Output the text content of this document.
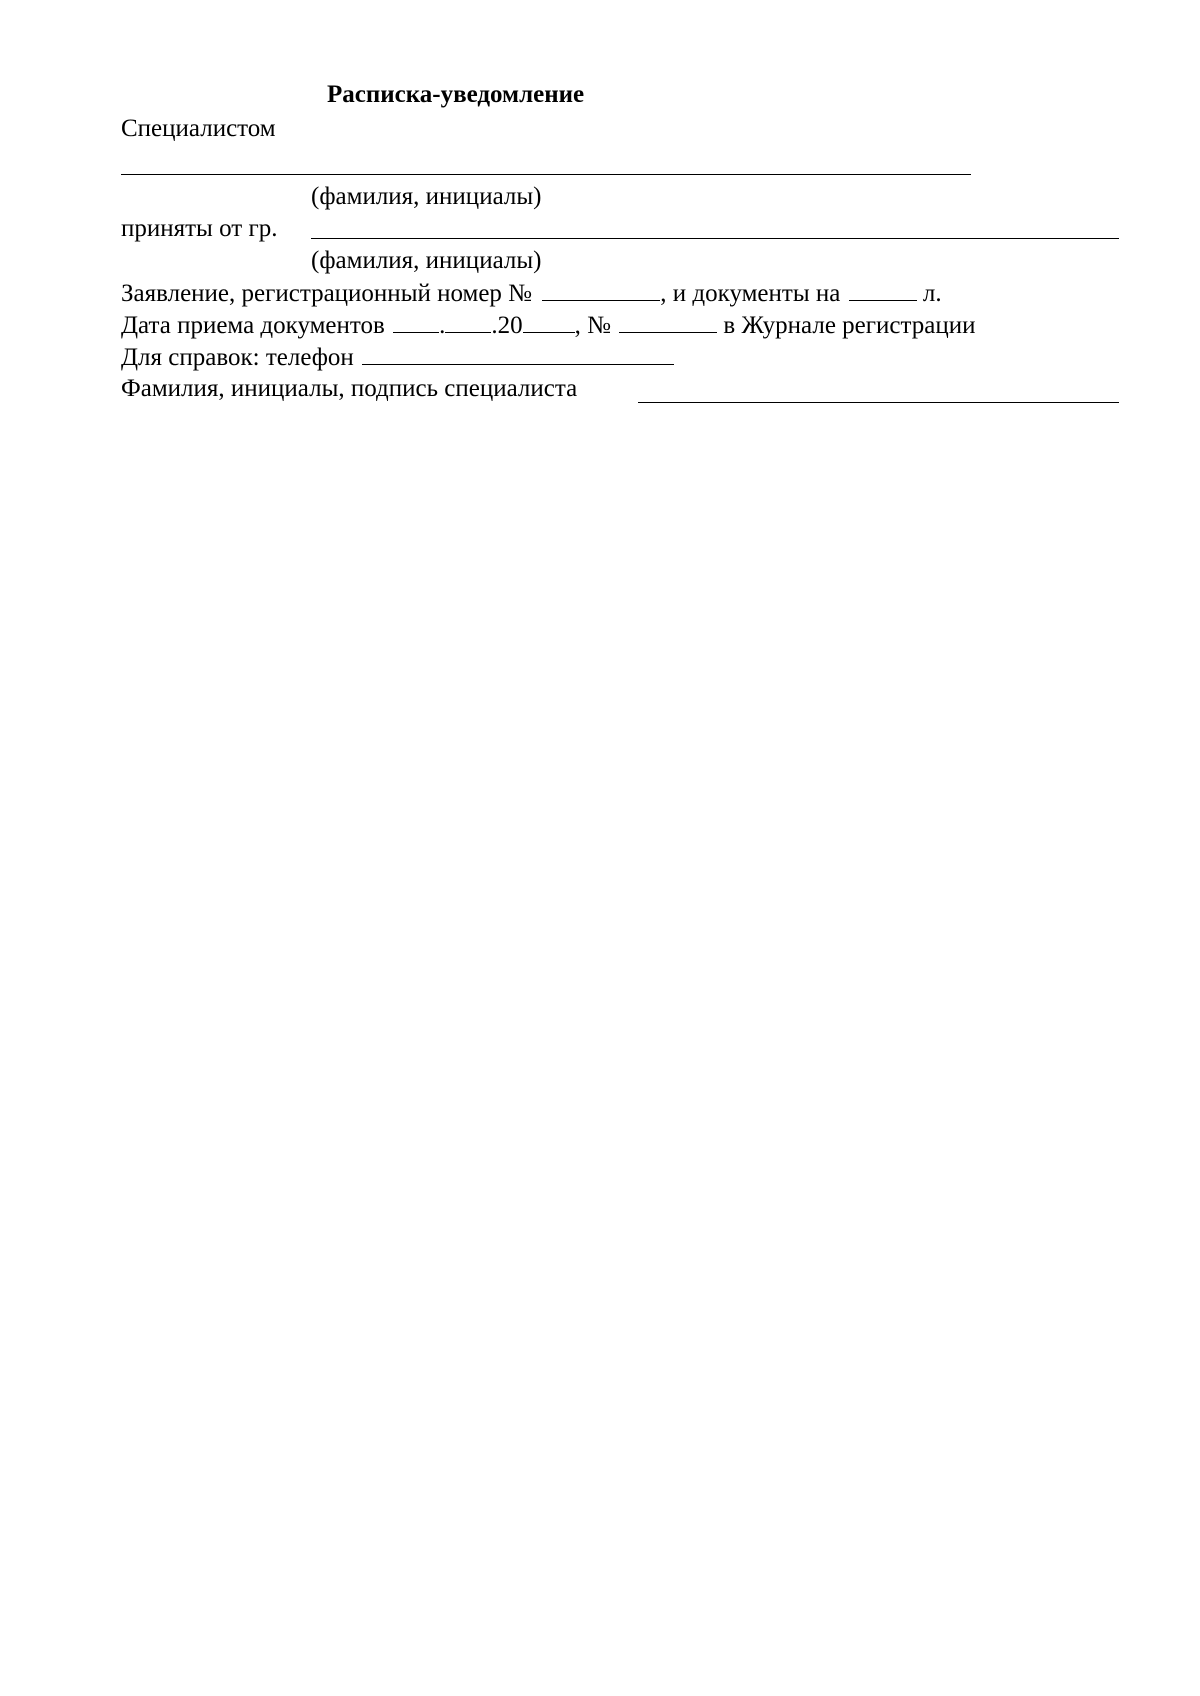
Расписка-уведомление
Специалистом
(фамилия, инициалы)
приняты от гр.
(фамилия, инициалы)
Заявление, регистрационный номер №	, и документы на	л.
Дата приема документов . .20 , №	в Журнале регистрации
Для справок: телефон
Фамилия, инициалы, подпись специалиста
